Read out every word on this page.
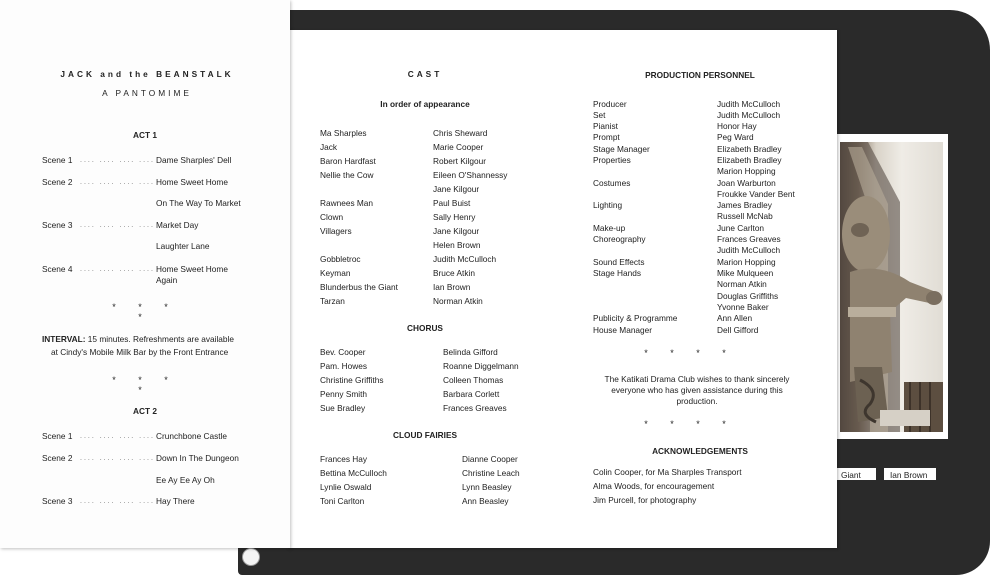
Giant	Ian Brown
JACK and the BEANSTALK
A PANTOMIME
ACT 1
Scene 1 .... .... .... .... Dame Sharples' Dell
Scene 2 .... .... .... .... Home Sweet Home
On The Way To Market
Scene 3 .... .... .... .... Market Day
Laughter Lane
Scene 4 .... .... .... .... Home Sweet Home
Again
* * * *
INTERVAL: 15 minutes. Refreshments are available
at Cindy's Mobile Milk Bar by the Front Entrance
* * * *
ACT 2
Scene 1 .... .... .... .... Crunchbone Castle
Scene 2 .... .... .... .... Down In The Dungeon
Ee Ay Ee Ay Oh
Scene 3 .... .... .... .... Hay There
CAST
In order of appearance
Ma Sharples	Chris Sheward
Jack	Marie Cooper
Baron Hardfast	Robert Kilgour
Nellie the Cow	Eileen O'Shannessy
Jane Kilgour
Rawnees Man	Paul Buist
Clown	Sally Henry
Villagers	Jane Kilgour
Helen Brown
Gobbletroc	Judith McCulloch
Keyman	Bruce Atkin
Blunderbus the Giant	Ian Brown
Tarzan	Norman Atkin
CHORUS
Bev. Cooper	Belinda Gifford
Pam. Howes	Roanne Diggelmann
Christine Griffiths	Colleen Thomas
Penny Smith	Barbara Corlett
Sue Bradley	Frances Greaves
CLOUD FAIRIES
Frances Hay	Dianne Cooper
Bettina McCulloch	Christine Leach
Lynlie Oswald	Lynn Beasley
Toni Carlton	Ann Beasley
PRODUCTION PERSONNEL
Producer	Judith McCulloch
Set	Judith McCulloch
Pianist	Honor Hay
Prompt	Peg Ward
Stage Manager	Elizabeth Bradley
Properties	Elizabeth Bradley
Marion Hopping
Costumes	Joan Warburton
Froukke Vander Bent
Lighting	James Bradley
Russell McNab
Make-up	June Carlton
Choreography	Frances Greaves
Judith McCulloch
Sound Effects	Marion Hopping
Stage Hands	Mike Mulqueen
Norman Atkin
Douglas Griffiths
Yvonne Baker
Publicity & Programme	Ann Allen
House Manager	Dell Gifford
* * * *
The Katikati Drama Club wishes to thank sincerely
everyone who has given assistance during this
production.
* * * *
ACKNOWLEDGEMENTS
Colin Cooper, for Ma Sharples Transport
Alma Woods, for encouragement
Jim Purcell, for photography
